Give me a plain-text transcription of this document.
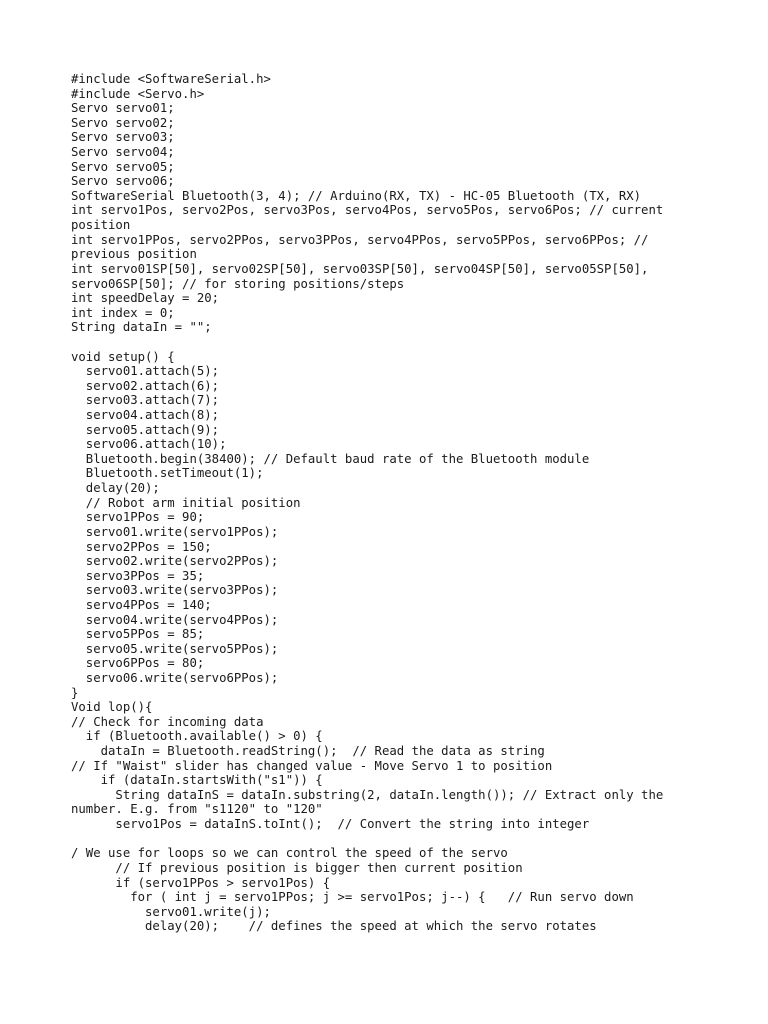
#include <SoftwareSerial.h>
#include <Servo.h>
Servo servo01;
Servo servo02;
Servo servo03;
Servo servo04;
Servo servo05;
Servo servo06;
SoftwareSerial Bluetooth(3, 4); // Arduino(RX, TX) - HC-05 Bluetooth (TX, RX)
int servo1Pos, servo2Pos, servo3Pos, servo4Pos, servo5Pos, servo6Pos; // current
position
int servo1PPos, servo2PPos, servo3PPos, servo4PPos, servo5PPos, servo6PPos; //
previous position
int servo01SP[50], servo02SP[50], servo03SP[50], servo04SP[50], servo05SP[50],
servo06SP[50]; // for storing positions/steps
int speedDelay = 20;
int index = 0;
String dataIn = "";
void setup() {
servo01.attach(5);
servo02.attach(6);
servo03.attach(7);
servo04.attach(8);
servo05.attach(9);
servo06.attach(10);
Bluetooth.begin(38400); // Default baud rate of the Bluetooth module
Bluetooth.setTimeout(1);
delay(20);
// Robot arm initial position
servo1PPos = 90;
servo01.write(servo1PPos);
servo2PPos = 150;
servo02.write(servo2PPos);
servo3PPos = 35;
servo03.write(servo3PPos);
servo4PPos = 140;
servo04.write(servo4PPos);
servo5PPos = 85;
servo05.write(servo5PPos);
servo6PPos = 80;
servo06.write(servo6PPos);
}
Void lop(){
// Check for incoming data
if (Bluetooth.available() > 0) {
dataIn = Bluetooth.readString();  // Read the data as string
// If "Waist" slider has changed value - Move Servo 1 to position
if (dataIn.startsWith("s1")) {
String dataInS = dataIn.substring(2, dataIn.length()); // Extract only the
number. E.g. from "s1120" to "120"
servo1Pos = dataInS.toInt();  // Convert the string into integer
/ We use for loops so we can control the speed of the servo
// If previous position is bigger then current position
if (servo1PPos > servo1Pos) {
for ( int j = servo1PPos; j >= servo1Pos; j--) {   // Run servo down
servo01.write(j);
delay(20);    // defines the speed at which the servo rotates
